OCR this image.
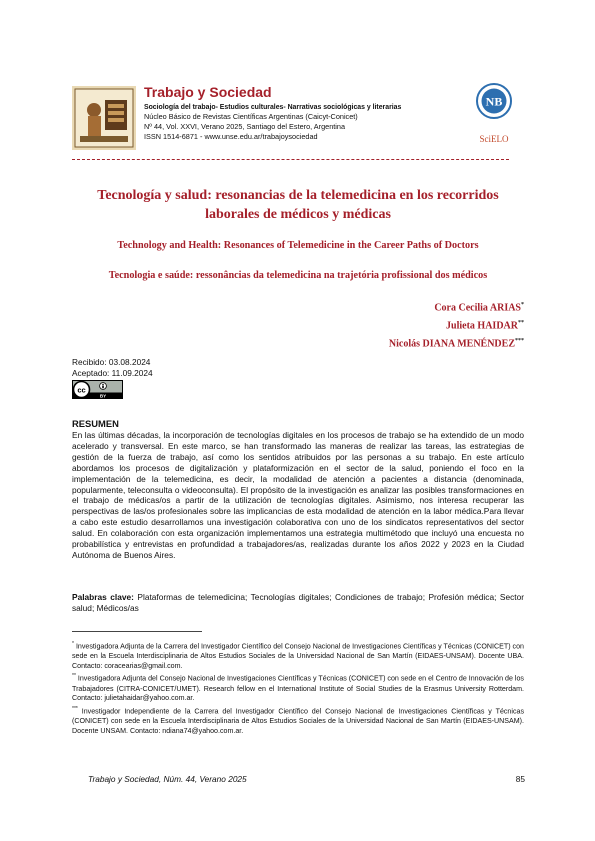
Trabajo y Sociedad
Sociología del trabajo- Estudios culturales- Narrativas sociológicas y literarias
Núcleo Básico de Revistas Científicas Argentinas (Caicyt-Conicet)
Nº 44, Vol. XXVI, Verano 2025, Santiago del Estero, Argentina
ISSN 1514-6871 - www.unse.edu.ar/trabajoysociedad
NB
SciELO
Tecnología y salud: resonancias de la telemedicina en los recorridos laborales de médicos y médicas
Technology and Health: Resonances of Telemedicine in the Career Paths of Doctors
Tecnologia e saúde: ressonâncias da telemedicina na trajetória profissional dos médicos
Cora Cecilia ARIAS*
Julieta HAIDAR**
Nicolás DIANA MENÉNDEZ***
Recibido: 03.08.2024
Aceptado: 11.09.2024
cc
BY
RESUMEN
En las últimas décadas, la incorporación de tecnologías digitales en los procesos de trabajo se ha extendido de un modo acelerado y transversal. En este marco, se han transformado las maneras de realizar las tareas, las estrategias de gestión de la fuerza de trabajo, así como los sentidos atribuidos por las personas a su trabajo. En este artículo abordamos los procesos de digitalización y plataformización en el sector de la salud, poniendo el foco en la implementación de la telemedicina, es decir, la modalidad de atención a pacientes a distancia (denominada, popularmente, teleconsulta o videoconsulta). El propósito de la investigación es analizar las posibles transformaciones en el trabajo de médicas/os a partir de la utilización de tecnologías digitales. Asimismo, nos interesa recuperar las perspectivas de las/os profesionales sobre las implicancias de esta modalidad de atención en la labor médica.Para llevar a cabo este estudio desarrollamos una investigación colaborativa con uno de los sindicatos representativos del sector salud. En colaboración con esta organización implementamos una estrategia multimétodo que incluyó una encuesta no probabilística y entrevistas en profundidad a trabajadores/as, realizadas durante los años 2022 y 2023 en la Ciudad Autónoma de Buenos Aires.
Palabras clave: Plataformas de telemedicina; Tecnologías digitales; Condiciones de trabajo; Profesión médica; Sector salud; Médicos/as

* Investigadora Adjunta de la Carrera del Investigador Científico del Consejo Nacional de Investigaciones Científicas y Técnicas (CONICET) con sede en la Escuela Interdisciplinaria de Altos Estudios Sociales de la Universidad Nacional de San Martín (EIDAES-UNSAM). Docente UBA. Contacto: coracearias@gmail.com.

** Investigadora Adjunta del Consejo Nacional de Investigaciones Científicas y Técnicas (CONICET) con sede en el Centro de Innovación de los Trabajadores (CITRA-CONICET/UMET). Research fellow en el International Institute of Social Studies de la Erasmus University Rotterdam. Contacto: julietahaidar@yahoo.com.ar.

*** Investigador Independiente de la Carrera del Investigador Científico del Consejo Nacional de Investigaciones Científicas y Técnicas (CONICET) con sede en la Escuela Interdisciplinaria de Altos Estudios Sociales de la Universidad Nacional de San Martín (EIDAES-UNSAM). Docente UNSAM. Contacto: ndiana74@yahoo.com.ar.

Trabajo y Sociedad, Núm. 44, Verano 2025	85
